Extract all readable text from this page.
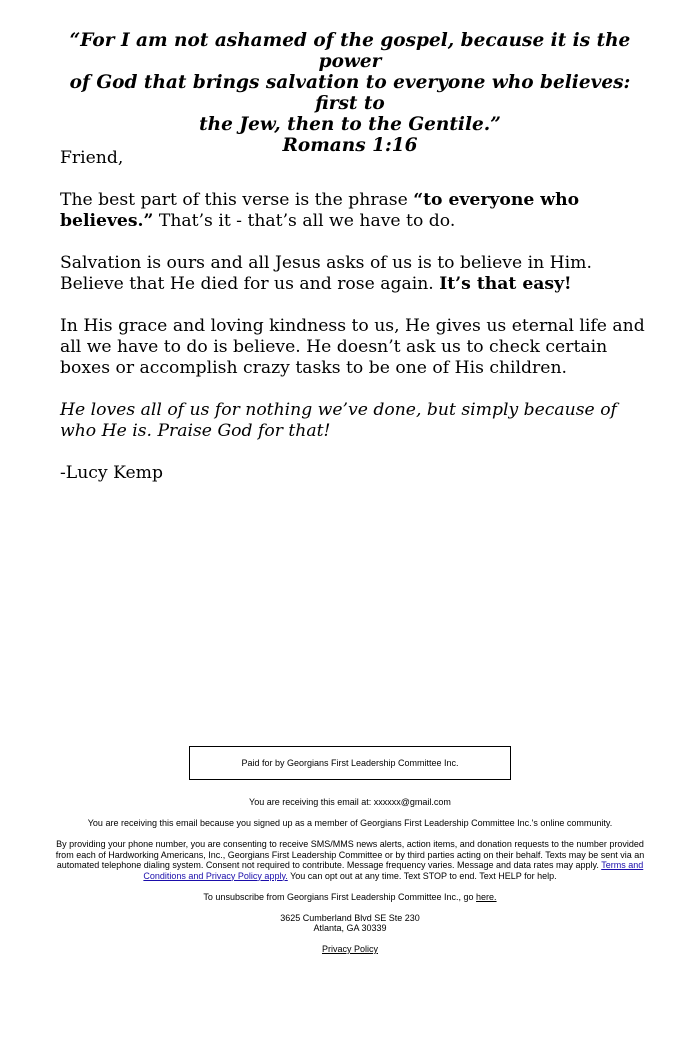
“For I am not ashamed of the gospel, because it is the power
of God that brings salvation to everyone who believes: first to
the Jew, then to the Gentile.”
Romans 1:16

Friend,

The best part of this verse is the phrase “to everyone who believes.” That’s it - that’s all we have to do.

Salvation is ours and all Jesus asks of us is to believe in Him. Believe that He died for us and rose again. It’s that easy!

In His grace and loving kindness to us, He gives us eternal life and all we have to do is believe. He doesn’t ask us to check certain boxes or accomplish crazy tasks to be one of His children.

He loves all of us for nothing we’ve done, but simply because of who He is. Praise God for that!

-Lucy Kemp

Paid for by Georgians First Leadership Committee Inc.

You are receiving this email at: xxxxxx@gmail.com

You are receiving this email because you signed up as a member of Georgians First Leadership Committee Inc.'s online community.

By providing your phone number, you are consenting to receive SMS/MMS news alerts, action items, and donation requests to the number provided from each of Hardworking Americans, Inc., Georgians First Leadership Committee or by third parties acting on their behalf. Texts may be sent via an automated telephone dialing system. Consent not required to contribute. Message frequency varies. Message and data rates may apply. Terms and Conditions and Privacy Policy apply. You can opt out at any time. Text STOP to end. Text HELP for help.

To unsubscribe from Georgians First Leadership Committee Inc., go here.

3625 Cumberland Blvd SE Ste 230
Atlanta, GA 30339

Privacy Policy
